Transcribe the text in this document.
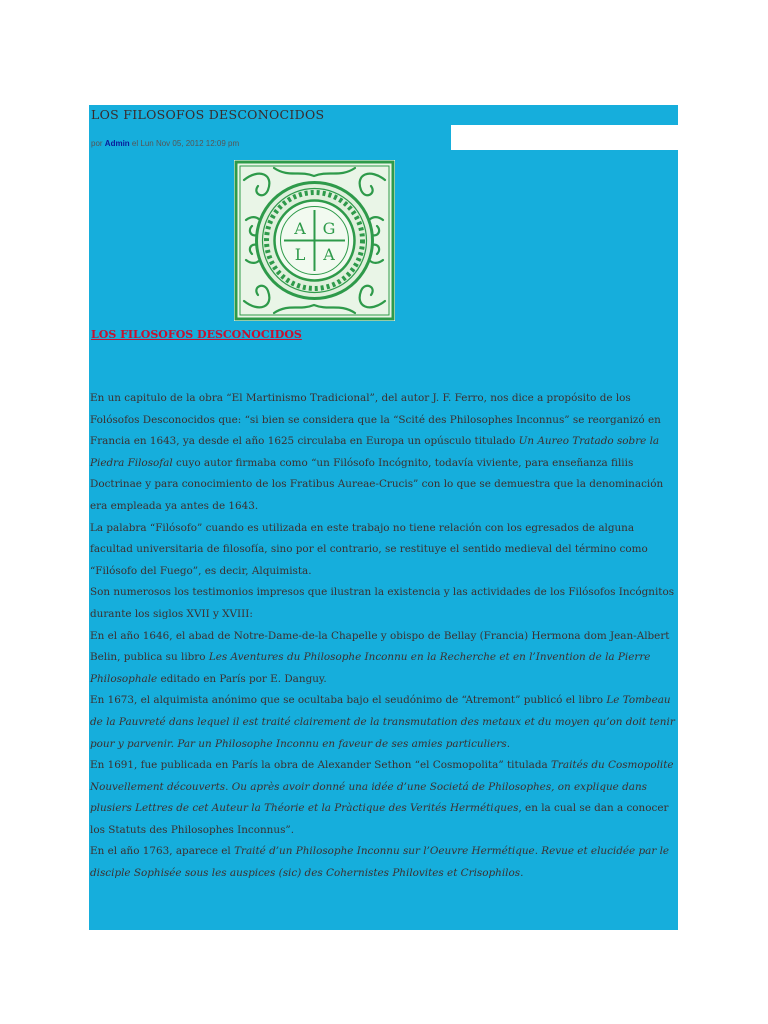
LOS FILOSOFOS DESCONOCIDOS
por Admin el Lun Nov 05, 2012 12:09 pm
A G
L A
LOS FILOSOFOS DESCONOCIDOS

En un capitulo de la obra “El Martinismo Tradicional”, del autor J. F. Ferro, nos dice a propósito de los Folósofos Desconocidos que: “si bien se considera que la “Scité des Philosophes Inconnus” se reorganizó en Francia en 1643, ya desde el año 1625 circulaba en Europa un opúsculo titulado Un Aureo Tratado sobre la Piedra Filosofal cuyo autor firmaba como “un Filósofo Incógnito, todavía viviente, para enseñanza filiis Doctrinae y para conocimiento de los Fratibus Aureae-Crucis” con lo que se demuestra que la denominación era empleada ya antes de 1643.

La palabra “Filósofo” cuando es utilizada en este trabajo no tiene relación con los egresados de alguna facultad universitaria de filosofía, sino por el contrario, se restituye el sentido medieval del término como “Filósofo del Fuego”, es decir, Alquimista.

Son numerosos los testimonios impresos que ilustran la existencia y las actividades de los Filósofos Incógnitos durante los siglos XVII y XVIII:

En el año 1646, el abad de Notre-Dame-de-la Chapelle y obispo de Bellay (Francia) Hermona dom Jean-Albert Belin, publica su libro Les Aventures du Philosophe Inconnu en la Recherche et en l’Invention de la Pierre Philosophale editado en París por E. Danguy.

En 1673, el alquimista anónimo que se ocultaba bajo el seudónimo de “Atremont” publicó el libro Le Tombeau de la Pauvreté dans lequel il est traité clairement de la transmutation des metaux et du moyen qu’on doit tenir pour y parvenir. Par un Philosophe Inconnu en faveur de ses amies particuliers.

En 1691, fue publicada en París la obra de Alexander Sethon “el Cosmopolita” titulada Traités du Cosmopolite Nouvellement découverts. Ou après avoir donné una idée d’une Societá de Philosophes, on explique dans plusiers Lettres de cet Auteur la Théorie et la Pràctique des Verités Hermétiques, en la cual se dan a conocer los Statuts des Philosophes Inconnus”.

En el año 1763, aparece el Traité d’un Philosophe Inconnu sur l’Oeuvre Hermétique. Revue et elucidée par le disciple Sophisée sous les auspices (sic) des Cohernistes Philovites et Crisophilos.
